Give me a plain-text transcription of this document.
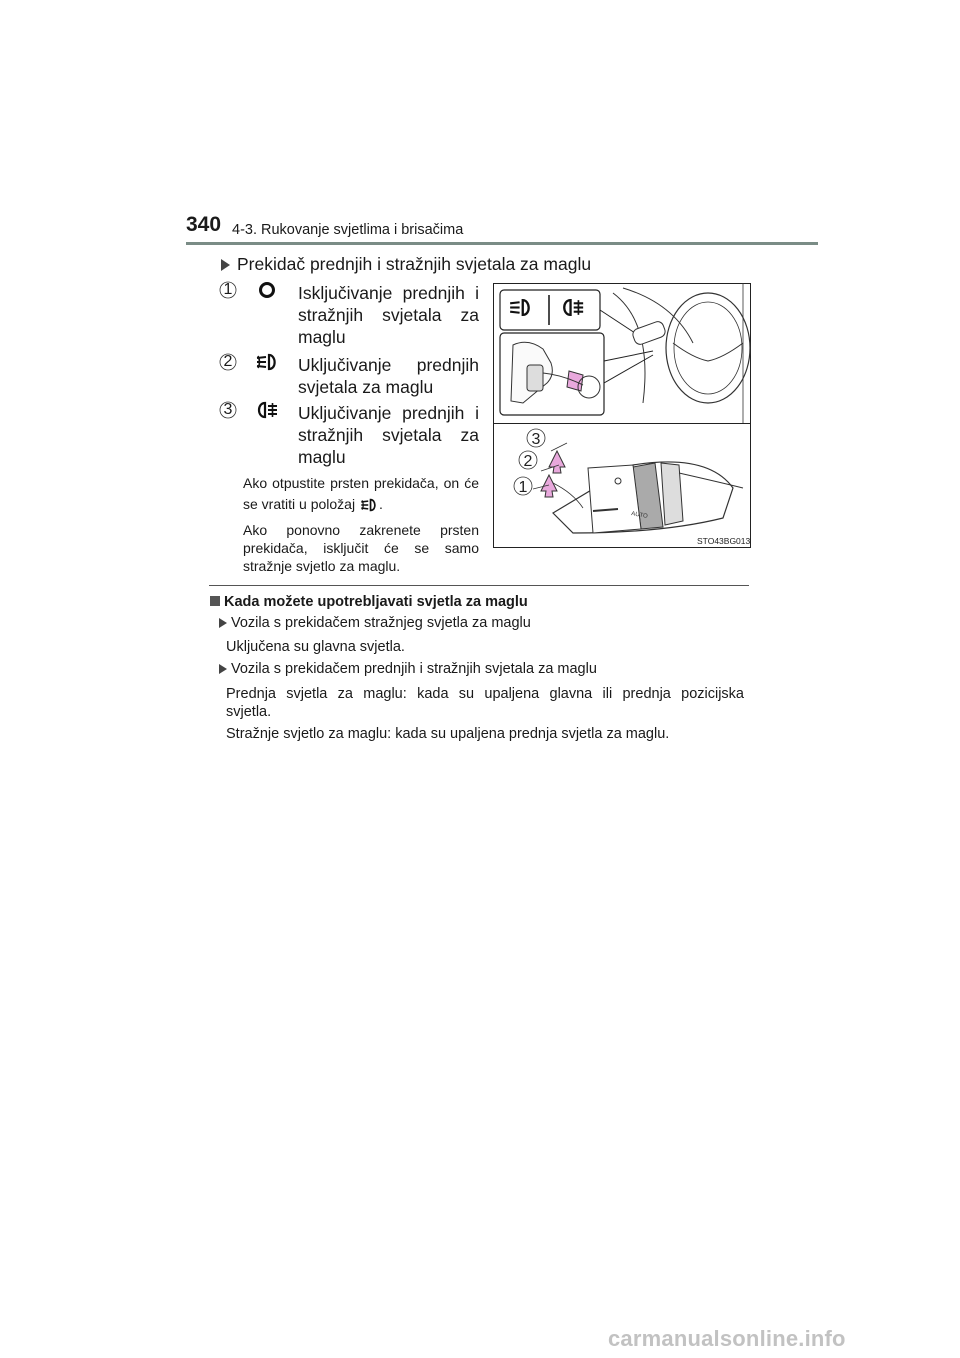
340 4-3. Rukovanje svjetlima i brisačima
Prekidač prednjih i stražnjih svjetala za maglu
1	Isključivanje prednjih i stražnjih svjetala za maglu
2	Uključivanje prednjih svjetala za maglu
3	Uključivanje prednjih i stražnjih svjetala za maglu
Ako otpustite prsten prekidača, on će se vratiti u položaj .
Ako ponovno zakrenete prsten prekidača, isključit će se samo stražnje svjetlo za maglu.
AUTO
3
2
1
STO43BG013
Kada možete upotrebljavati svjetla za maglu
Vozila s prekidačem stražnjeg svjetla za maglu
Uključena su glavna svjetla.
Vozila s prekidačem prednjih i stražnjih svjetala za maglu
Prednja svjetla za maglu: kada su upaljena glavna ili prednja pozicijska
svjetla.
Stražnje svjetlo za maglu: kada su upaljena prednja svjetla za maglu.
carmanualsonline.info
